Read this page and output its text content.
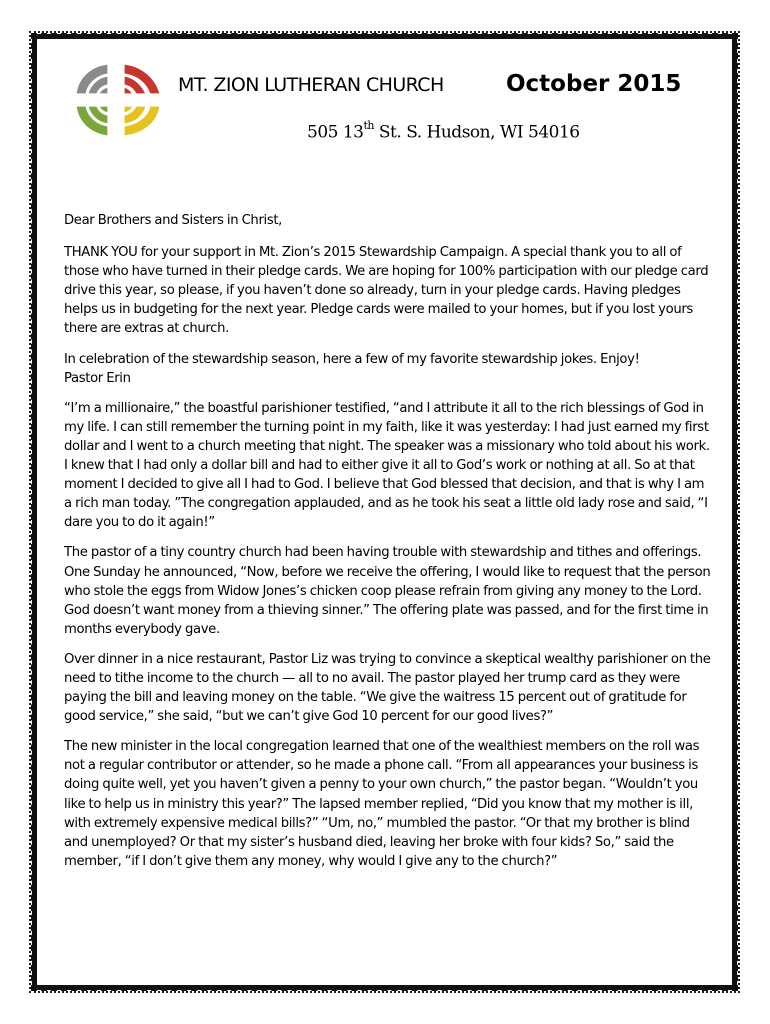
MT. ZION LUTHERAN CHURCH	October 2015
505 13th St. S. Hudson, WI 54016

Dear Brothers and Sisters in Christ,

THANK YOU for your support in Mt. Zion’s 2015 Stewardship Campaign. A special thank you to all of those who have turned in their pledge cards. We are hoping for 100% participation with our pledge card drive this year, so please, if you haven’t done so already, turn in your pledge cards. Having pledges helps us in budgeting for the next year. Pledge cards were mailed to your homes, but if you lost yours there are extras at church.

In celebration of the stewardship season, here a few of my favorite stewardship jokes. Enjoy!
Pastor Erin

“I’m a millionaire,” the boastful parishioner testified, “and I attribute it all to the rich blessings of God in my life. I can still remember the turning point in my faith, like it was yesterday: I had just earned my first dollar and I went to a church meeting that night. The speaker was a missionary who told about his work. I knew that I had only a dollar bill and had to either give it all to God’s work or nothing at all. So at that moment I decided to give all I had to God. I believe that God blessed that decision, and that is why I am a rich man today. ”The congregation applauded, and as he took his seat a little old lady rose and said, “I dare you to do it again!”

The pastor of a tiny country church had been having trouble with stewardship and tithes and offerings. One Sunday he announced, “Now, before we receive the offering, I would like to request that the person who stole the eggs from Widow Jones’s chicken coop please refrain from giving any money to the Lord. God doesn’t want money from a thieving sinner.” The offering plate was passed, and for the first time in months everybody gave.

Over dinner in a nice restaurant, Pastor Liz was trying to convince a skeptical wealthy parishioner on the need to tithe income to the church — all to no avail. The pastor played her trump card as they were paying the bill and leaving money on the table. “We give the waitress 15 percent out of gratitude for good service,” she said, “but we can’t give God 10 percent for our good lives?”

The new minister in the local congregation learned that one of the wealthiest members on the roll was not a regular contributor or attender, so he made a phone call. “From all appearances your business is doing quite well, yet you haven’t given a penny to your own church,” the pastor began. “Wouldn’t you like to help us in ministry this year?” The lapsed member replied, “Did you know that my mother is ill, with extremely expensive medical bills?” “Um, no,” mumbled the pastor. “Or that my brother is blind and unemployed? Or that my sister’s husband died, leaving her broke with four kids? So,” said the member, “if I don’t give them any money, why would I give any to the church?”
